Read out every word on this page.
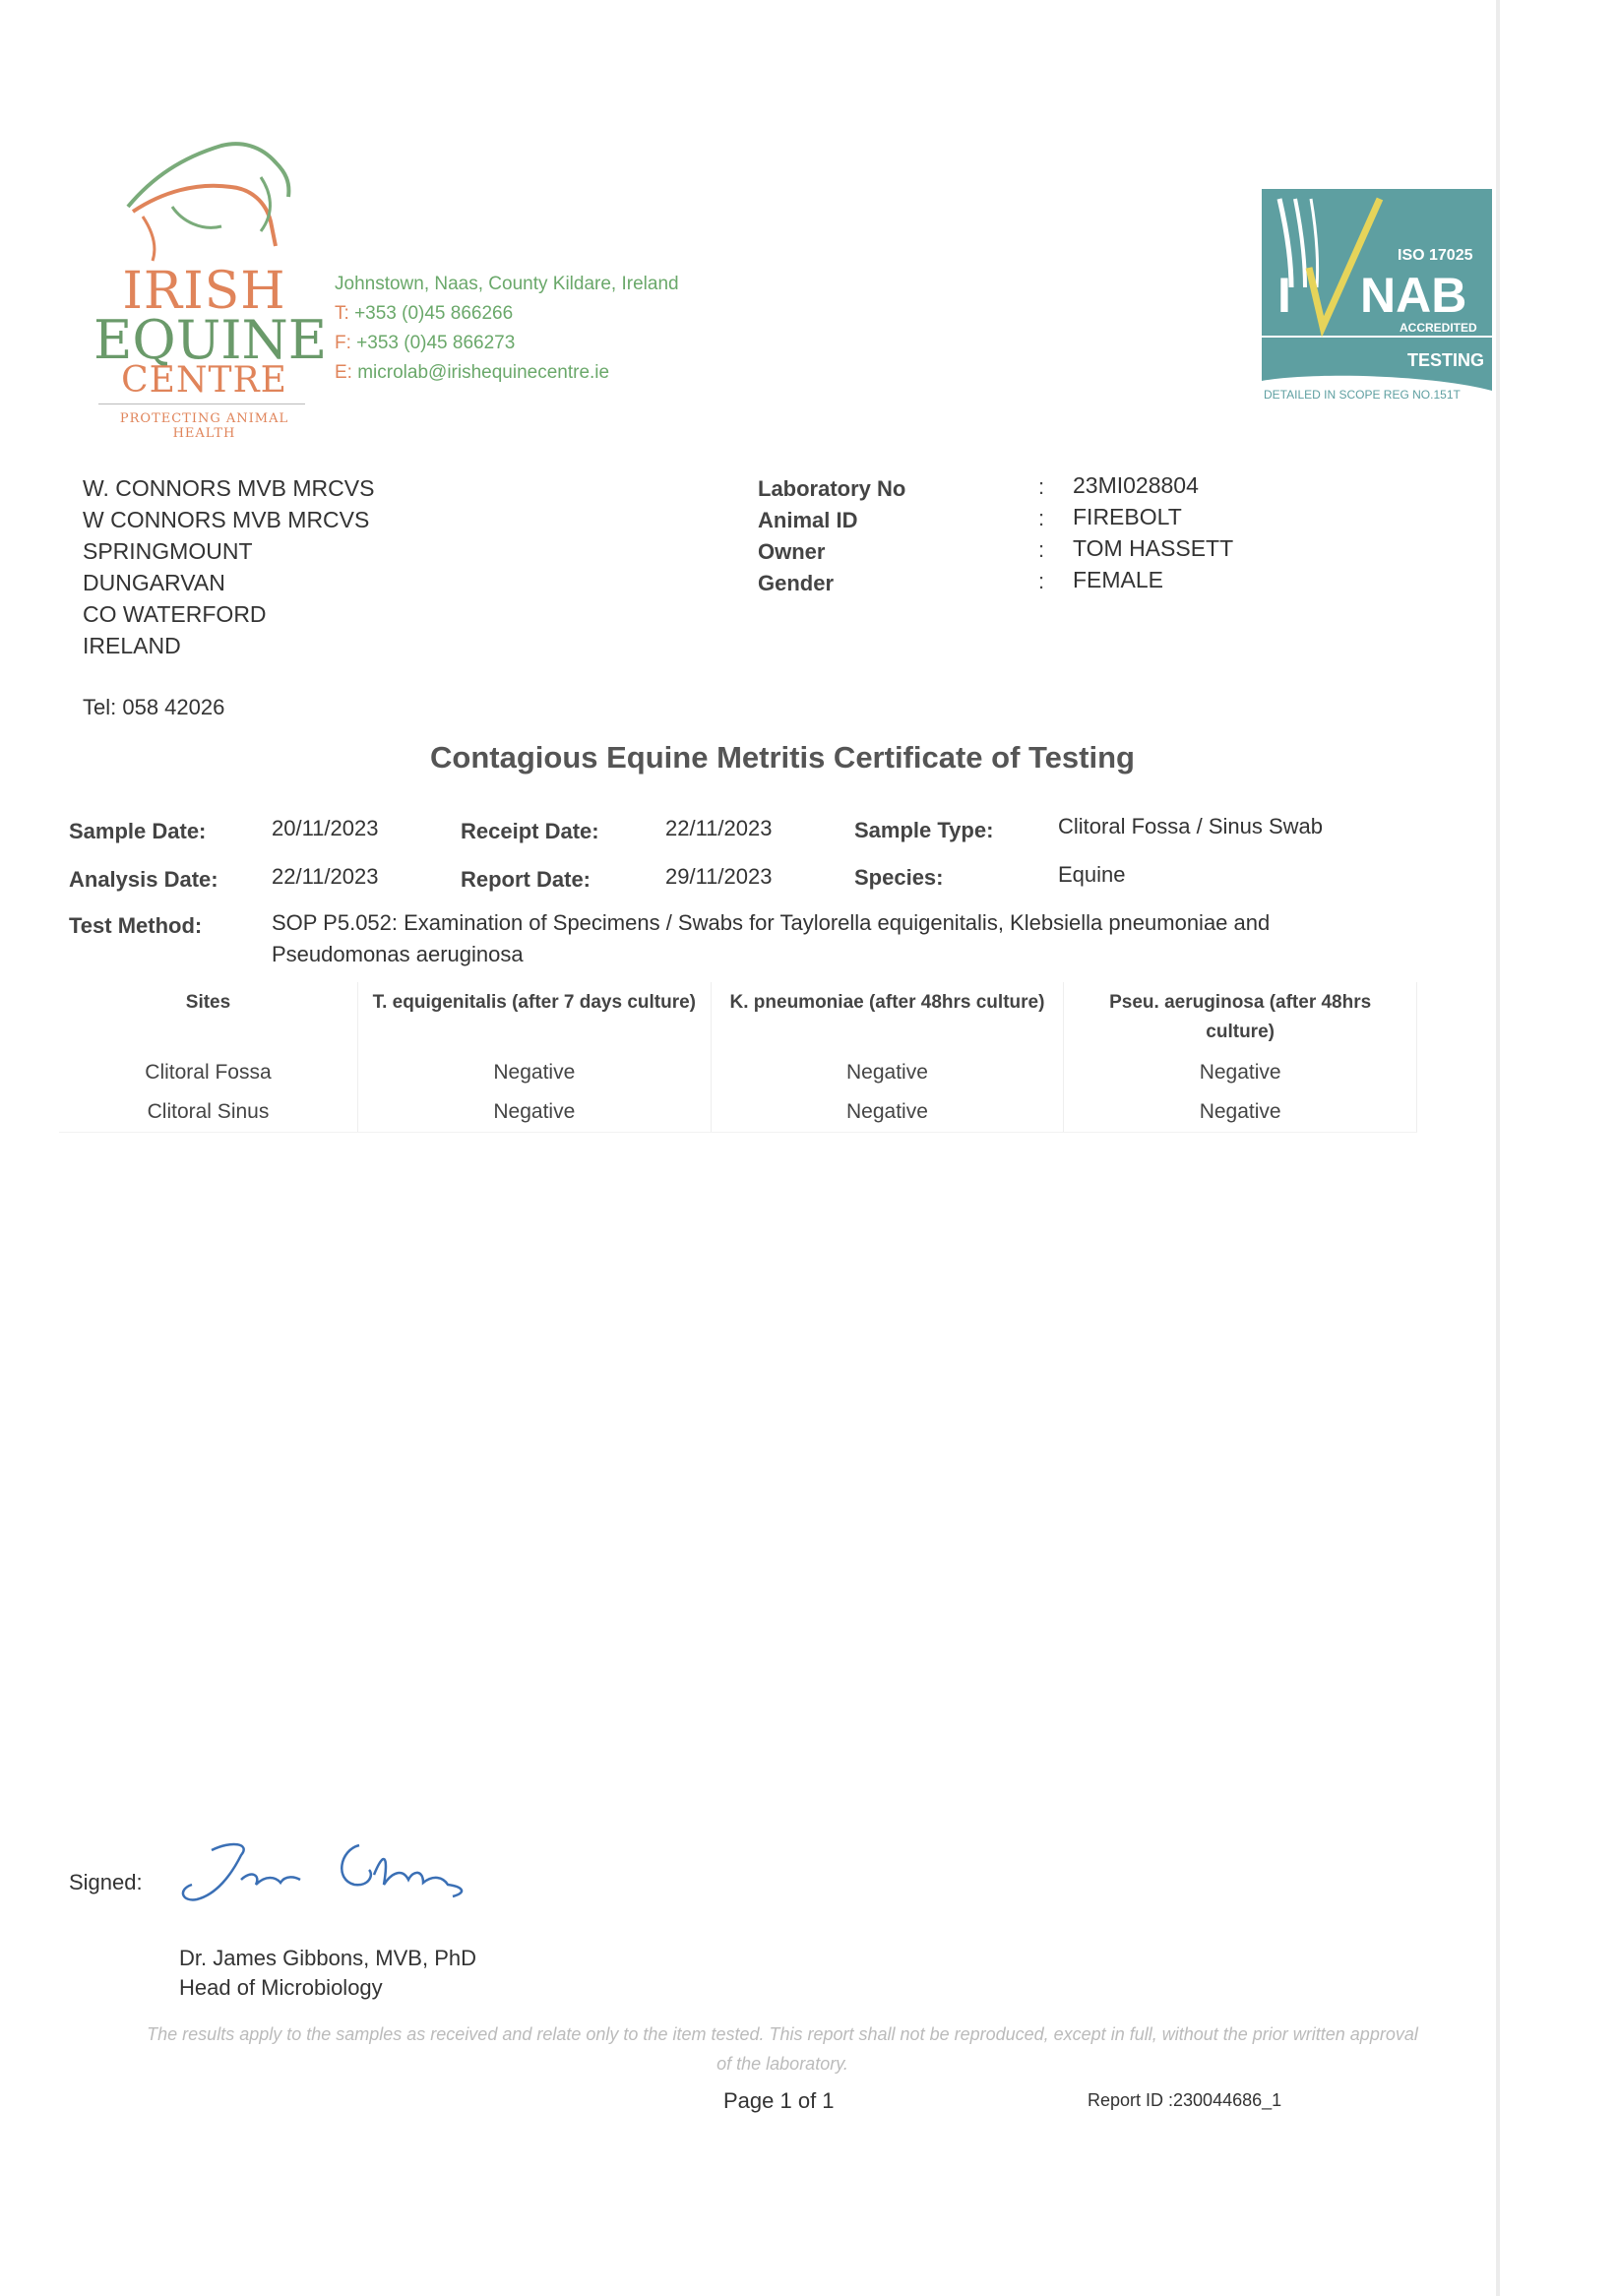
IRISH
EQUINE
CENTRE
PROTECTING ANIMAL HEALTH
Johnstown, Naas, County Kildare, Ireland
T: +353 (0)45 866266
F: +353 (0)45 866273
E: microlab@irishequinecentre.ie
ISO 17025
I NAB
ACCREDITED
TESTING
DETAILED IN SCOPE REG NO.151T
W. CONNORS MVB MRCVS
W CONNORS MVB MRCVS
SPRINGMOUNT
DUNGARVAN
CO WATERFORD
IRELAND
Tel: 058 42026
Laboratory No	: 23MI028804
Animal ID	: FIREBOLT
Owner	: TOM HASSETT
Gender	: FEMALE
Contagious Equine Metritis Certificate of Testing
Sample Date:	20/11/2023	Receipt Date:	22/11/2023	Sample Type:	Clitoral Fossa / Sinus Swab
Analysis Date: 22/11/2023	Report Date:	29/11/2023	Species:	Equine
Test Method:	SOP P5.052: Examination of Specimens / Swabs for Taylorella equigenitalis, Klebsiella pneumoniae and Pseudomonas aeruginosa
Sites	T. equigenitalis (after 7 days culture)	K. pneumoniae (after 48hrs culture)	Pseu. aeruginosa (after 48hrs culture)
Clitoral Fossa	Negative	Negative	Negative
Clitoral Sinus	Negative	Negative	Negative
Signed:
Dr. James Gibbons, MVB, PhD
Head of Microbiology
The results apply to the samples as received and relate only to the item tested. This report shall not be reproduced, except in full, without the prior written approval of the laboratory.
Page 1 of 1	Report ID :230044686_1
